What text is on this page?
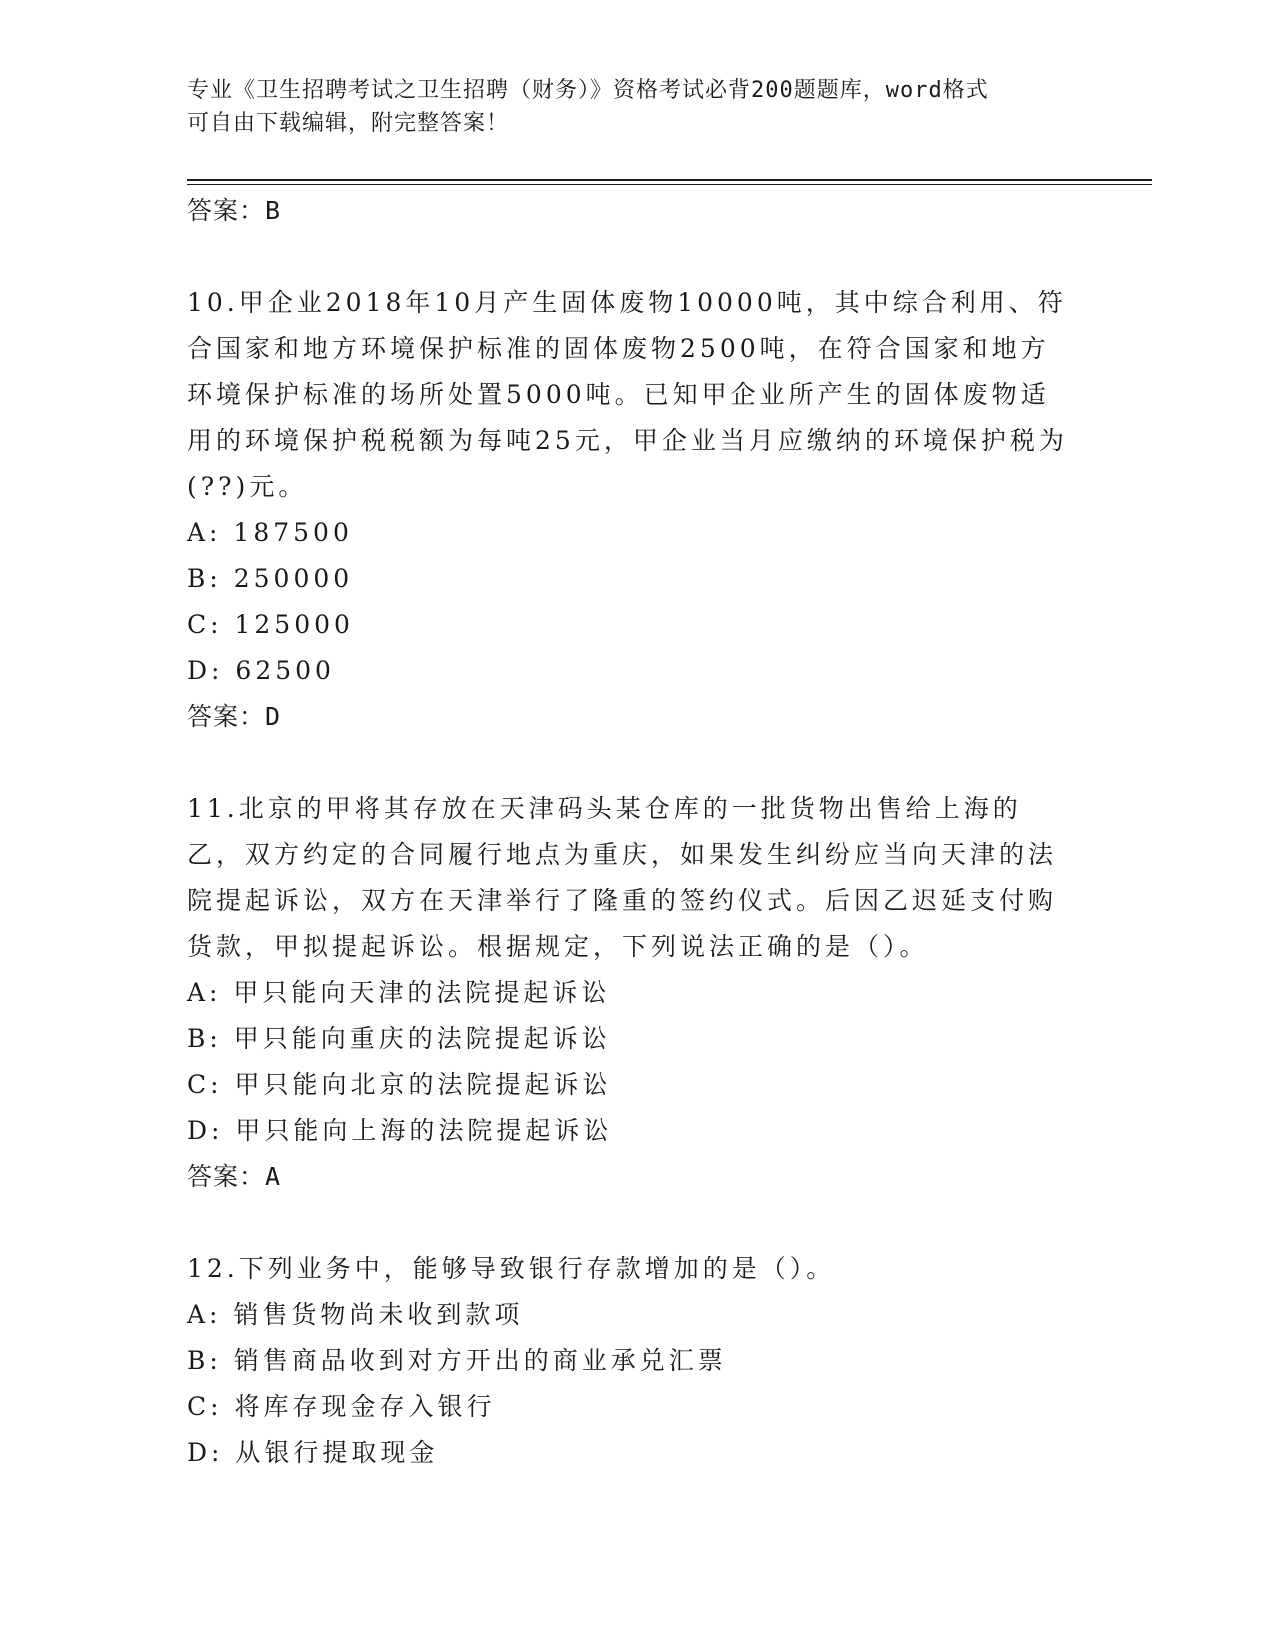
专业《卫生招聘考试之卫生招聘（财务）》资格考试必背200题题库，word格式
可自由下载编辑，附完整答案！
答案：B
10.甲企业2018年10月产生固体废物10000吨，其中综合利用、符合国家和地方环境保护标准的固体废物2500吨，在符合国家和地方环境保护标准的场所处置5000吨。已知甲企业所产生的固体废物适用的环境保护税税额为每吨25元，甲企业当月应缴纳的环境保护税为(??)元。
A: 187500
B: 250000
C: 125000
D: 62500
答案：D
11.北京的甲将其存放在天津码头某仓库的一批货物出售给上海的乙，双方约定的合同履行地点为重庆，如果发生纠纷应当向天津的法院提起诉讼，双方在天津举行了隆重的签约仪式。后因乙迟延支付购货款，甲拟提起诉讼。根据规定，下列说法正确的是（）。
A: 甲只能向天津的法院提起诉讼
B: 甲只能向重庆的法院提起诉讼
C: 甲只能向北京的法院提起诉讼
D: 甲只能向上海的法院提起诉讼
答案：A
12.下列业务中，能够导致银行存款增加的是（）。
A: 销售货物尚未收到款项
B: 销售商品收到对方开出的商业承兑汇票
C: 将库存现金存入银行
D: 从银行提取现金
